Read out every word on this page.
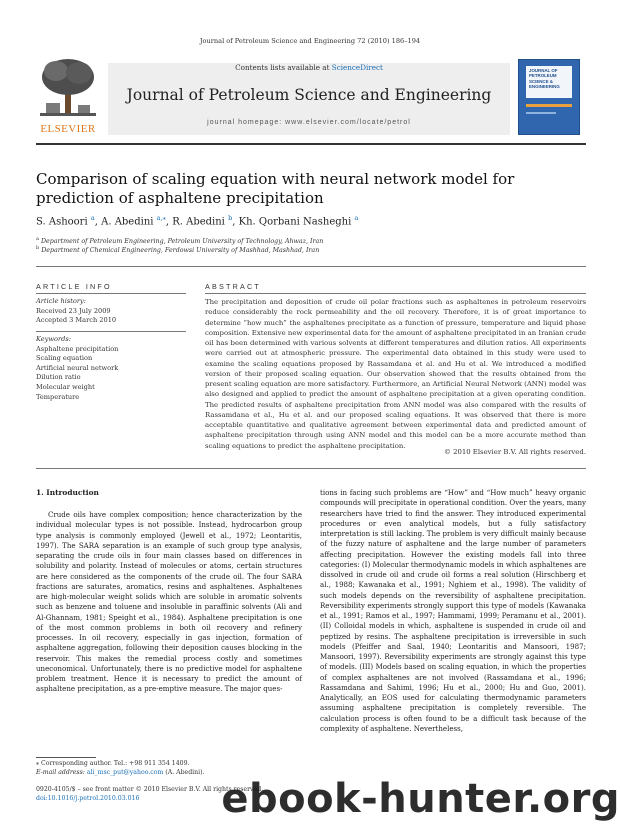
Journal of Petroleum Science and Engineering 72 (2010) 186–194
ELSEVIER
Contents lists available at ScienceDirect
Journal of Petroleum Science and Engineering
journal homepage: www.elsevier.com/locate/petrol
JOURNAL OF PETROLEUM SCIENCE & ENGINEERING
Comparison of scaling equation with neural network model for prediction of asphaltene precipitation
S. Ashoori $^a$, A. Abedini $^{a,⁎}$, R. Abedini $^b$, Kh. Qorbani Nasheghi $^a$
$^a$ Department of Petroleum Engineering, Petroleum University of Technology, Ahwaz, Iran
$^b$ Department of Chemical Engineering, Ferdowsi University of Mashhad, Mashhad, Iran
ARTICLE INFO	ABSTRACT
Article history:
Received 23 July 2009
Accepted 3 March 2010
Keywords:
Asphaltene precipitation
Scaling equation
Artificial neural network
Dilution ratio
Molecular weight
Temperature
The precipitation and deposition of crude oil polar fractions such as asphaltenes in petroleum reservoirs reduce considerably the rock permeability and the oil recovery. Therefore, it is of great importance to determine “how much” the asphaltenes precipitate as a function of pressure, temperature and liquid phase composition. Extensive new experimental data for the amount of asphaltene precipitated in an Iranian crude oil has been determined with various solvents at different temperatures and dilution ratios. All experiments were carried out at atmospheric pressure. The experimental data obtained in this study were used to examine the scaling equations proposed by Rassamdana et al. and Hu et al. We introduced a modified version of their proposed scaling equation. Our observation showed that the results obtained from the present scaling equation are more satisfactory. Furthermore, an Artificial Neural Network (ANN) model was also designed and applied to predict the amount of asphaltene precipitation at a given operating condition. The predicted results of asphaltene precipitation from ANN model was also compared with the results of Rassamdana et al., Hu et al. and our proposed scaling equations. It was observed that there is more acceptable quantitative and qualitative agreement between experimental data and predicted amount of asphaltene precipitation through using ANN model and this model can be a more accurate method than scaling equations to predict the asphaltene precipitation.
© 2010 Elsevier B.V. All rights reserved.
1. Introduction
Crude oils have complex composition; hence characterization by the individual molecular types is not possible. Instead, hydrocarbon group type analysis is commonly employed (Jewell et al., 1972; Leontaritis, 1997). The SARA separation is an example of such group type analysis, separating the crude oils in four main classes based on differences in solubility and polarity. Instead of molecules or atoms, certain structures are here considered as the components of the crude oil. The four SARA fractions are saturates, aromatics, resins and asphaltenes. Asphaltenes are high-molecular weight solids which are soluble in aromatic solvents such as benzene and toluene and insoluble in paraffinic solvents (Ali and Al-Ghannam, 1981; Speight et al., 1984). Asphaltene precipitation is one of the most common problems in both oil recovery and refinery processes. In oil recovery, especially in gas injection, formation of asphaltene aggregation, following their deposition causes blocking in the reservoir. This makes the remedial process costly and sometimes uneconomical. Unfortunately, there is no predictive model for asphaltene problem treatment. Hence it is necessary to predict the amount of asphaltene precipitation, as a pre-emptive measure. The major ques-
tions in facing such problems are “How” and “How much” heavy organic compounds will precipitate in operational condition. Over the years, many researchers have tried to find the answer. They introduced experimental procedures or even analytical models, but a fully satisfactory interpretation is still lacking. The problem is very difficult mainly because of the fuzzy nature of asphaltene and the large number of parameters affecting precipitation. However the existing models fall into three categories: (I) Molecular thermodynamic models in which asphaltenes are dissolved in crude oil and crude oil forms a real solution (Hirschberg et al., 1988; Kawanaka et al., 1991; Nghiem et al., 1998). The validity of such models depends on the reversibility of asphaltene precipitation. Reversibility experiments strongly support this type of models (Kawanaka et al., 1991; Ramos et al., 1997; Hammami, 1999; Peramanu et al., 2001). (II) Colloidal models in which, asphaltene is suspended in crude oil and peptized by resins. The asphaltene precipitation is irreversible in such models (Pfeiffer and Saal, 1940; Leontaritis and Mansoori, 1987; Mansoori, 1997). Reversibility experiments are strongly against this type of models. (III) Models based on scaling equation, in which the properties of complex asphaltenes are not involved (Rassamdana et al., 1996; Rassamdana and Sahimi, 1996; Hu et al., 2000; Hu and Guo, 2001). Analytically, an EOS used for calculating thermodynamic parameters assuming asphaltene precipitation is completely reversible. The calculation process is often found to be a difficult task because of the complexity of asphaltene. Nevertheless,
⁎ Corresponding author. Tel.: +98 911 354 1409.
E-mail address: ali_msc_put@yahoo.com (A. Abedini).
0920-4105/$ – see front matter © 2010 Elsevier B.V. All rights reserved.
doi:10.1016/j.petrol.2010.03.016	ebook-hunter.org
